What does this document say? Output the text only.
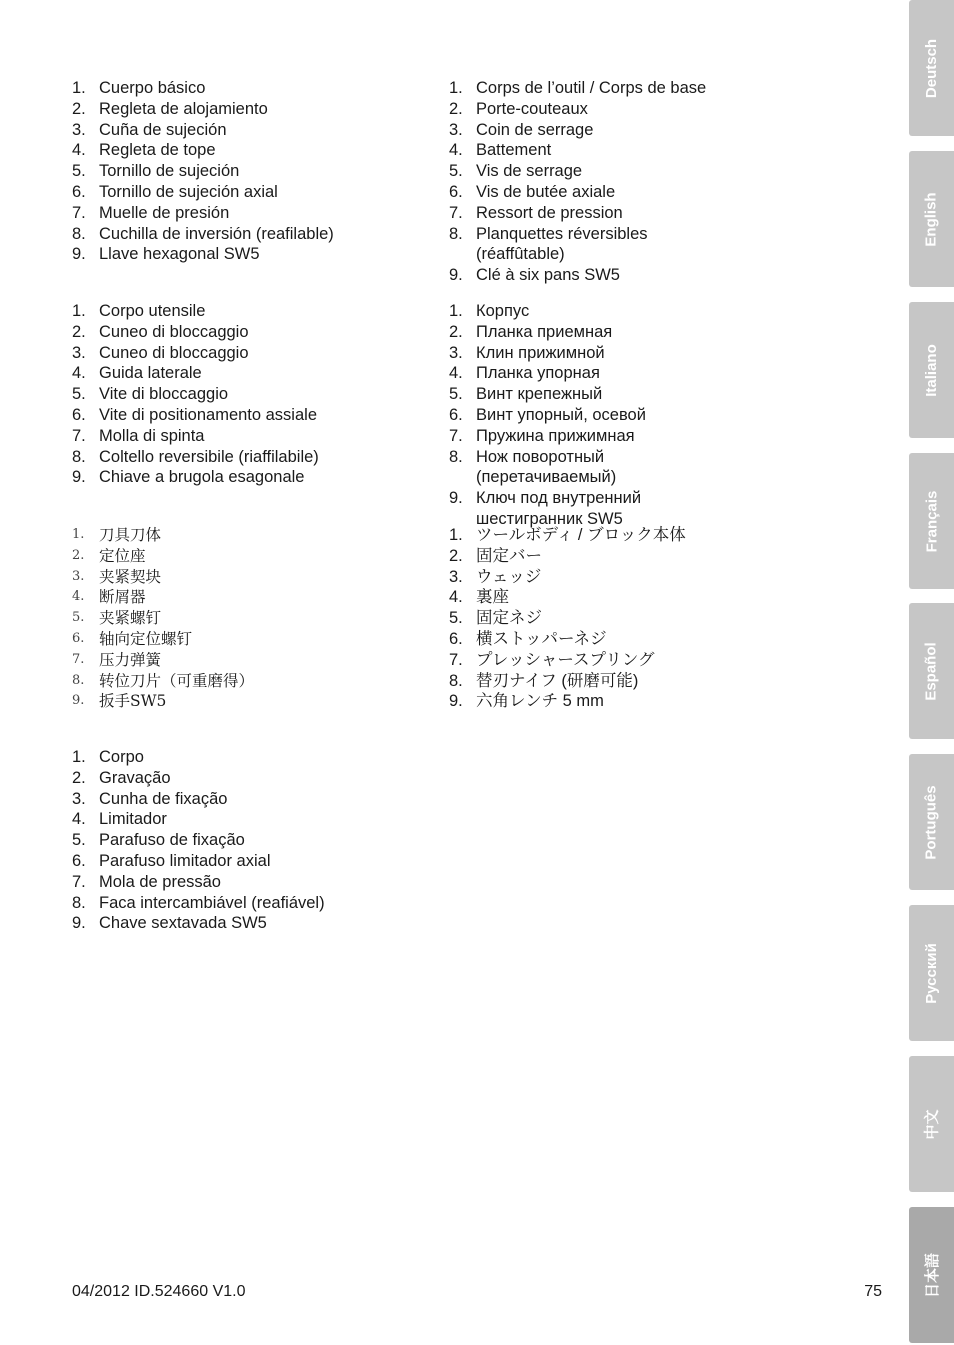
1. Cuerpo básico
2. Regleta de alojamiento
3. Cuña de sujeción
4. Regleta de tope
5. Tornillo de sujeción
6. Tornillo de sujeción axial
7. Muelle de presión
8. Cuchilla de inversión (reafilable)
9. Llave hexagonal SW5
1. Corpo utensile
2. Cuneo di bloccaggio
3. Cuneo di bloccaggio
4. Guida laterale
5. Vite di bloccaggio
6. Vite di positionamento assiale
7. Molla di spinta
8. Coltello reversibile (riaffilabile)
9. Chiave a brugola esagonale
1. 刀具刀体
2. 定位座
3. 夹紧契块
4. 断屑器
5. 夹紧螺钉
6. 轴向定位螺钉
7. 压力弹簧
8. 转位刀片（可重磨得）
9. 扳手SW5
1. Corpo
2. Gravação
3. Cunha de fixação
4. Limitador
5. Parafuso de fixação
6. Parafuso limitador axial
7. Mola de pressão
8. Faca intercambiável (reafiável)
9. Chave sextavada SW5
1. Corps de l’outil / Corps de base
2. Porte-couteaux
3. Coin de serrage
4. Battement
5. Vis de serrage
6. Vis de butée axiale
7. Ressort de pression
8. Planquettes réversibles (réaffûtable)
9. Clé à six pans SW5
1. Корпус
2. Планка приемная
3. Клин прижимной
4. Планка упорная
5. Винт крепежный
6. Винт упорный, осевой
7. Пружина прижимная
8. Нож поворотный (перетачиваемый)
9. Ключ под внутренний шестигранник SW5
1. ツールボディ / ブロック本体
2. 固定バー
3. ウェッジ
4. 裏座
5. 固定ネジ
6. 横ストッパーネジ
7. プレッシャースプリング
8. 替刃ナイフ (研磨可能)
9. 六角レンチ 5 mm
04/2012 ID.524660 V1.0	75
Deutsch
English
Italiano
Français
Español
Português
Русский
中文
日本語
